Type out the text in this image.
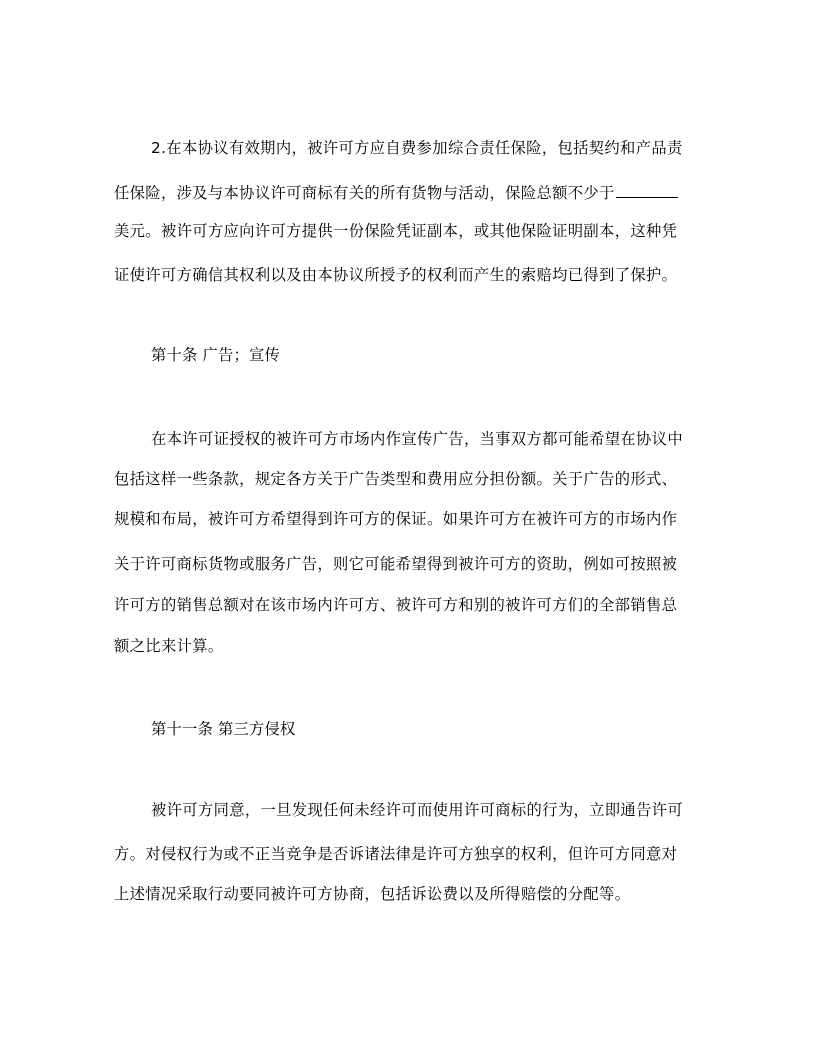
2.在本协议有效期内，被许可方应自费参加综合责任保险，包括契约和产品责
任保险，涉及与本协议许可商标有关的所有货物与活动，保险总额不少于
美元。被许可方应向许可方提供一份保险凭证副本，或其他保险证明副本，这种凭
证使许可方确信其权利以及由本协议所授予的权利而产生的索赔均已得到了保护。
第十条 广告；宣传
在本许可证授权的被许可方市场内作宣传广告，当事双方都可能希望在协议中
包括这样一些条款，规定各方关于广告类型和费用应分担份额。关于广告的形式、
规模和布局，被许可方希望得到许可方的保证。如果许可方在被许可方的市场内作
关于许可商标货物或服务广告，则它可能希望得到被许可方的资助，例如可按照被
许可方的销售总额对在该市场内许可方、被许可方和别的被许可方们的全部销售总
额之比来计算。
第十一条 第三方侵权
被许可方同意，一旦发现任何未经许可而使用许可商标的行为，立即通告许可
方。对侵权行为或不正当竞争是否诉诸法律是许可方独享的权利，但许可方同意对
上述情况采取行动要同被许可方协商，包括诉讼费以及所得赔偿的分配等。
